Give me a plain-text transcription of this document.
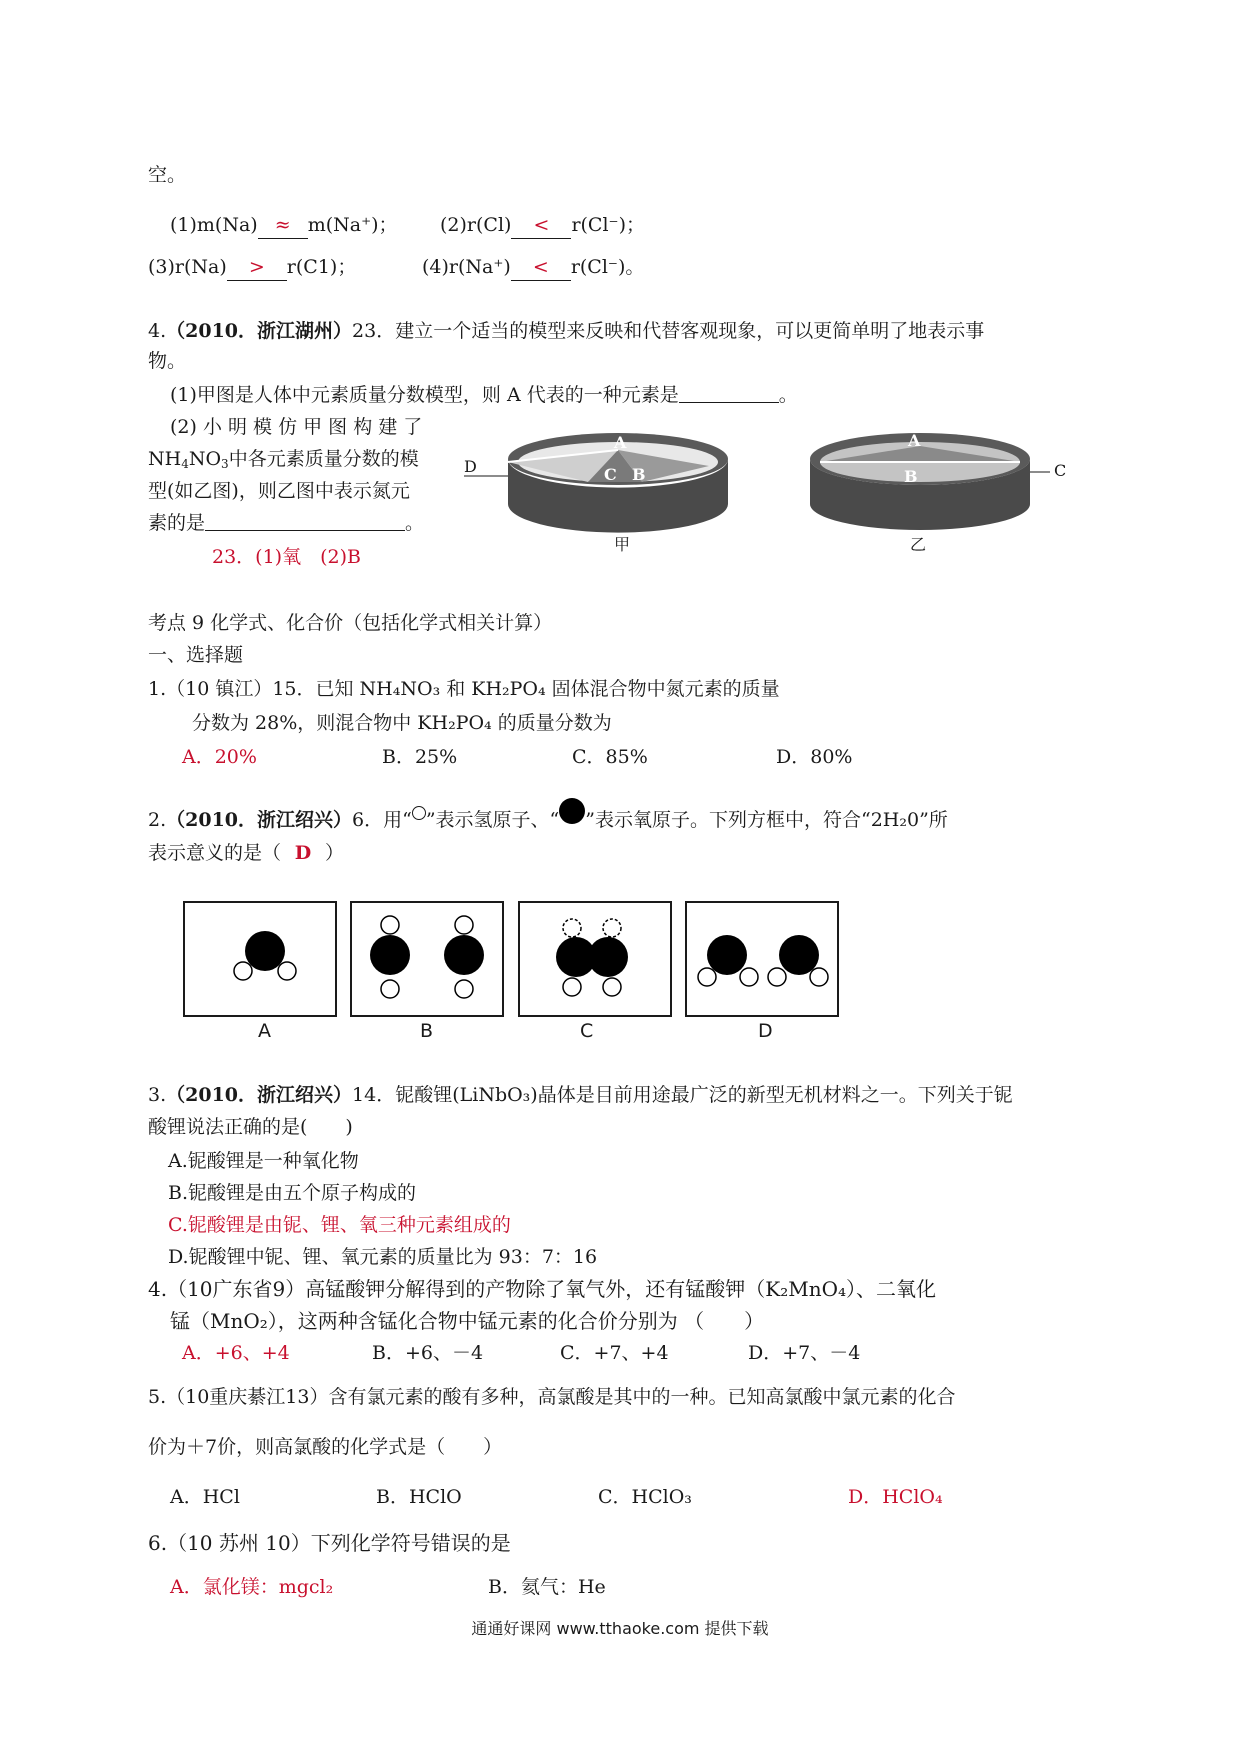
空。
(1)m(Na) ≈ m(Na⁺)； (2)r(Cl) < r(Cl⁻)；
(3)r(Na) > r(C1)；	(4)r(Na⁺) < r(Cl⁻)。
4.（2010．浙江湖州）23．建立一个适当的模型来反映和代替客观现象，可以更简单明了地表示事
物。
(1)甲图是人体中元素质量分数模型，则 A 代表的一种元素是	。
(2) 小 明 模 仿 甲 图 构 建 了
$NH_4NO_3$中各元素质量分数的模
型(如乙图)，则乙图中表示氮元
素的是	。
23．(1)氧　(2)B
A
B
C
D
甲
A
B	C
乙
考点 9 化学式、化合价（包括化学式相关计算）
一、选择题
1.（10 镇江）15．已知 NH₄NO₃ 和 KH₂PO₄ 固体混合物中氮元素的质量
分数为 28%，则混合物中 KH₂PO₄ 的质量分数为
A．20%	B．25%	C．85%	D．80%
2.（2010．浙江绍兴）6．用“ ”表示氢原子、“ ”表示氧原子。下列方框中，符合“2H₂0”所
表示意义的是（ D ）
A	B	C	D
3.（2010．浙江绍兴）14．铌酸锂(LiNbO₃)晶体是目前用途最广泛的新型无机材料之一。下列关于铌
酸锂说法正确的是(　　)
A.铌酸锂是一种氧化物
B.铌酸锂是由五个原子构成的
C.铌酸锂是由铌、锂、氧三种元素组成的
D.铌酸锂中铌、锂、氧元素的质量比为 93：7：16
4.（10广东省9）高锰酸钾分解得到的产物除了氧气外，还有锰酸钾（K₂MnO₄）、二氧化
锰（MnO₂），这两种含锰化合物中锰元素的化合价分别为 （　　）
A．+6、+4	B．+6、－4	C．+7、+4	D．+7、－4
5.（10重庆綦江13）含有氯元素的酸有多种，高氯酸是其中的一种。已知高氯酸中氯元素的化合
价为＋7价，则高氯酸的化学式是（　　）
A．HCl	B．HClO	C．HClO₃	D．HClO₄
6.（10 苏州 10）下列化学符号错误的是
A．氯化镁：mgcl₂	B．氦气：He
通通好课网 www.tthaoke.com 提供下载
